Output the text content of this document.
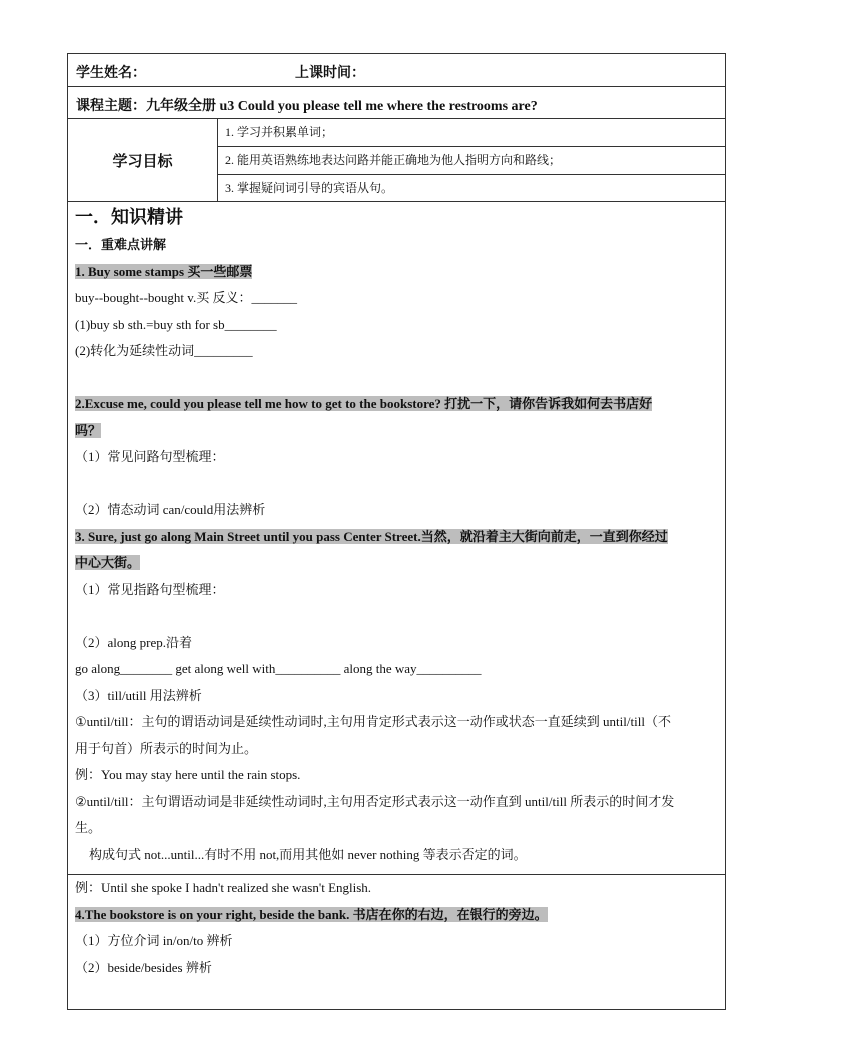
学生姓名：	上课时间：
课程主题：九年级全册 u3 Could you please tell me where the restrooms are?
学习目标
1. 学习并积累单词；
2. 能用英语熟练地表达问路并能正确地为他人指明方向和路线；
3. 掌握疑问词引导的宾语从句。
一．知识精讲
一．重难点讲解
1. Buy some stamps 买一些邮票
buy--bought--bought v.买 反义：_______
(1)buy sb sth.=buy sth for sb________
(2)转化为延续性动词_________
2.Excuse me, could you please tell me how to get to the bookstore? 打扰一下，请你告诉我如何去书店好
吗？
（1）常见问路句型梳理：
（2）情态动词 can/could用法辨析
3. Sure, just go along Main Street until you pass Center Street.当然，就沿着主大街向前走，一直到你经过
中心大街。
（1）常见指路句型梳理：
（2）along prep.沿着
go along________ get along well with__________ along the way__________
（3）till/utill 用法辨析
①until/till：主句的谓语动词是延续性动词时,主句用肯定形式表示这一动作或状态一直延续到 until/till（不
用于句首）所表示的时间为止。
例：You may stay here until the rain stops.
②until/till：主句谓语动词是非延续性动词时,主句用否定形式表示这一动作直到 until/till 所表示的时间才发
生。
构成句式 not...until...有时不用 not,而用其他如 never nothing 等表示否定的词。
例：Until she spoke I hadn't realized she wasn't English.
4.The bookstore is on your right, beside the bank. 书店在你的右边，在银行的旁边。
（1）方位介词 in/on/to 辨析
（2）beside/besides 辨析
